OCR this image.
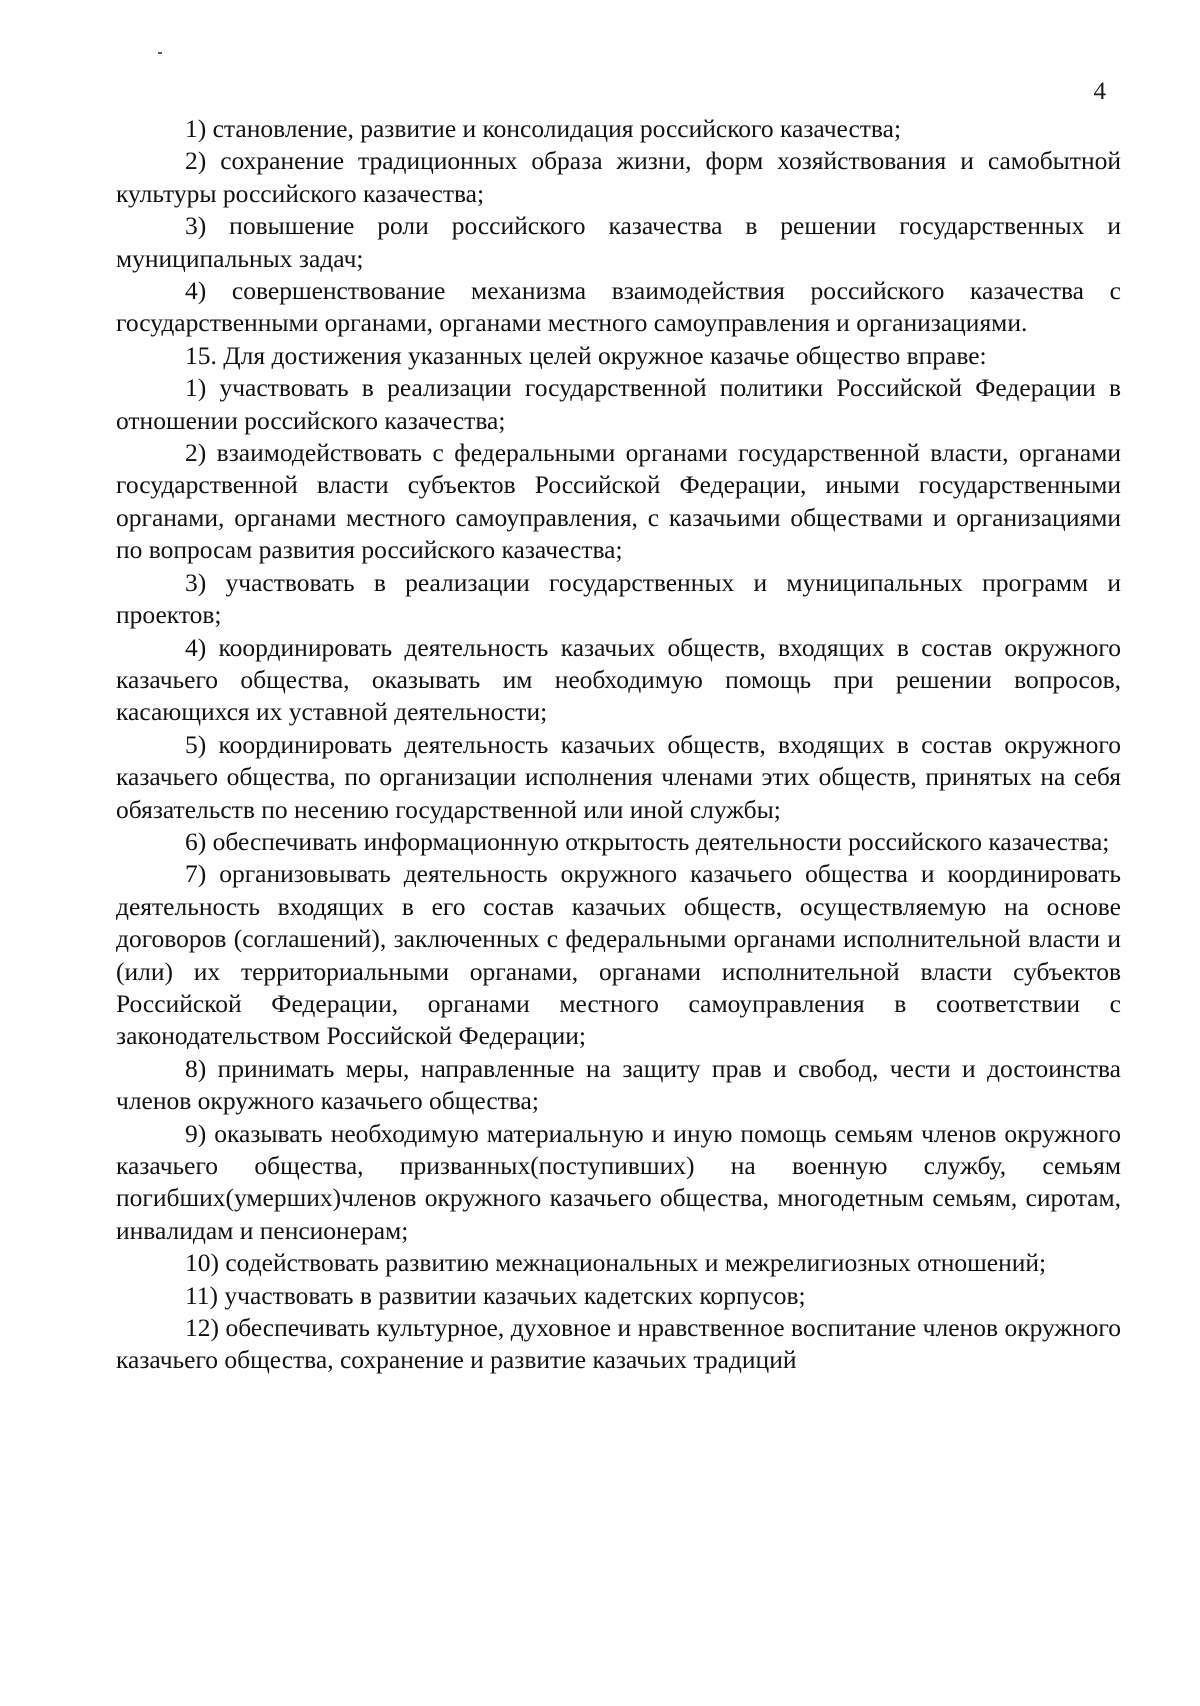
4

1) становление, развитие и консолидация российского казачества;

2) сохранение традиционных образа жизни, форм хозяйствования и самобытной культуры российского казачества;

3) повышение роли российского казачества в решении государственных и муниципальных задач;

4) совершенствование механизма взаимодействия российского казачества с государственными органами, органами местного самоуправления и организациями.

15. Для достижения указанных целей окружное казачье общество вправе:

1) участвовать в реализации государственной политики Российской Федерации в отношении российского казачества;

2) взаимодействовать с федеральными органами государственной власти, органами государственной власти субъектов Российской Федерации, иными государственными органами, органами местного самоуправления, с казачьими обществами и организациями по вопросам развития российского казачества;

3) участвовать в реализации государственных и муниципальных программ и проектов;

4) координировать деятельность казачьих обществ, входящих в состав окружного казачьего общества, оказывать им необходимую помощь при решении вопросов, касающихся их уставной деятельности;

5) координировать деятельность казачьих обществ, входящих в состав окружного казачьего общества, по организации исполнения членами этих обществ, принятых на себя обязательств по несению государственной или иной службы;

6) обеспечивать информационную открытость деятельности российского казачества;

7) организовывать деятельность окружного казачьего общества и координировать деятельность входящих в его состав казачьих обществ, осуществляемую на основе договоров (соглашений), заключенных с федеральными органами исполнительной власти и (или) их территориальными органами, органами исполнительной власти субъектов Российской Федерации, органами местного самоуправления в соответствии с законодательством Российской Федерации;

8) принимать меры, направленные на защиту прав и свобод, чести и достоинства членов окружного казачьего общества;

9) оказывать необходимую материальную и иную помощь семьям членов окружного казачьего общества, призванных(поступивших) на военную службу, семьям погибших(умерших)членов окружного казачьего общества, многодетным семьям, сиротам, инвалидам и пенсионерам;

10) содействовать развитию межнациональных и межрелигиозных отношений;

11) участвовать в развитии казачьих кадетских корпусов;

12) обеспечивать культурное, духовное и нравственное воспитание членов окружного казачьего общества, сохранение и развитие казачьих традиций
